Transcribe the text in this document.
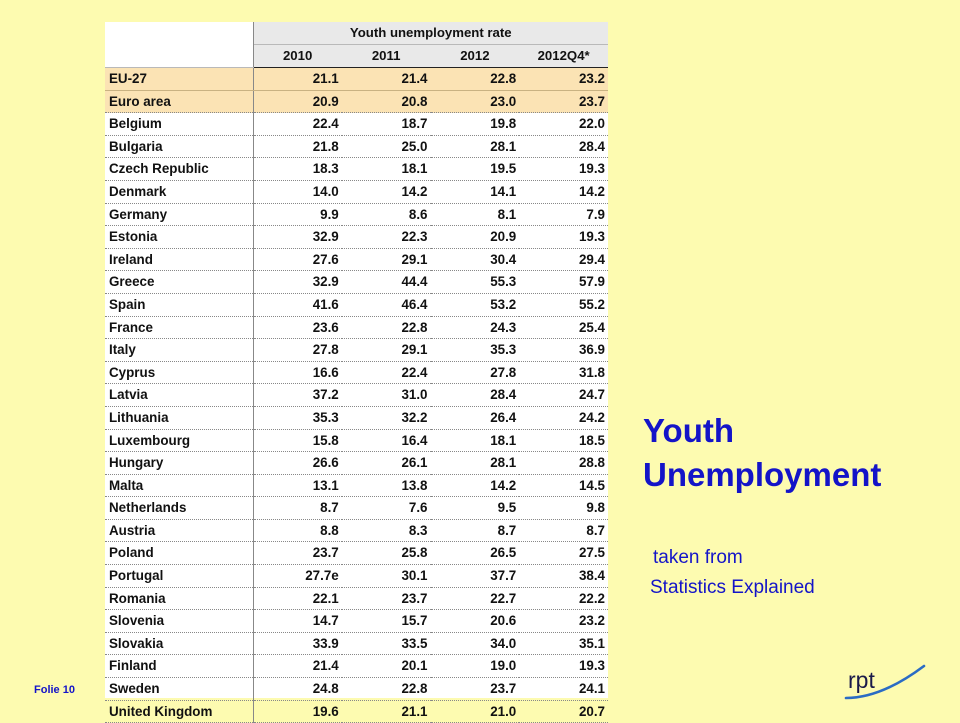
	Youth unemployment rate			
	2010	2011	2012	2012Q4*
EU-27	21.1	21.4	22.8	23.2
Euro area	20.9	20.8	23.0	23.7
Belgium	22.4	18.7	19.8	22.0
Bulgaria	21.8	25.0	28.1	28.4
Czech Republic	18.3	18.1	19.5	19.3
Denmark	14.0	14.2	14.1	14.2
Germany	9.9	8.6	8.1	7.9
Estonia	32.9	22.3	20.9	19.3
Ireland	27.6	29.1	30.4	29.4
Greece	32.9	44.4	55.3	57.9
Spain	41.6	46.4	53.2	55.2
France	23.6	22.8	24.3	25.4
Italy	27.8	29.1	35.3	36.9
Cyprus	16.6	22.4	27.8	31.8
Latvia	37.2	31.0	28.4	24.7
Lithuania	35.3	32.2	26.4	24.2
Luxembourg	15.8	16.4	18.1	18.5
Hungary	26.6	26.1	28.1	28.8
Malta	13.1	13.8	14.2	14.5
Netherlands	8.7	7.6	9.5	9.8
Austria	8.8	8.3	8.7	8.7
Poland	23.7	25.8	26.5	27.5
Portugal	27.7e	30.1	37.7	38.4
Romania	22.1	23.7	22.7	22.2
Slovenia	14.7	15.7	20.6	23.2
Slovakia	33.9	33.5	34.0	35.1
Finland	21.4	20.1	19.0	19.3
Sweden	24.8	22.8	23.7	24.1
United Kingdom	19.6	21.1	21.0	20.7
Youth
Unemployment
taken from
Statistics Explained
Folie 10	rpt
